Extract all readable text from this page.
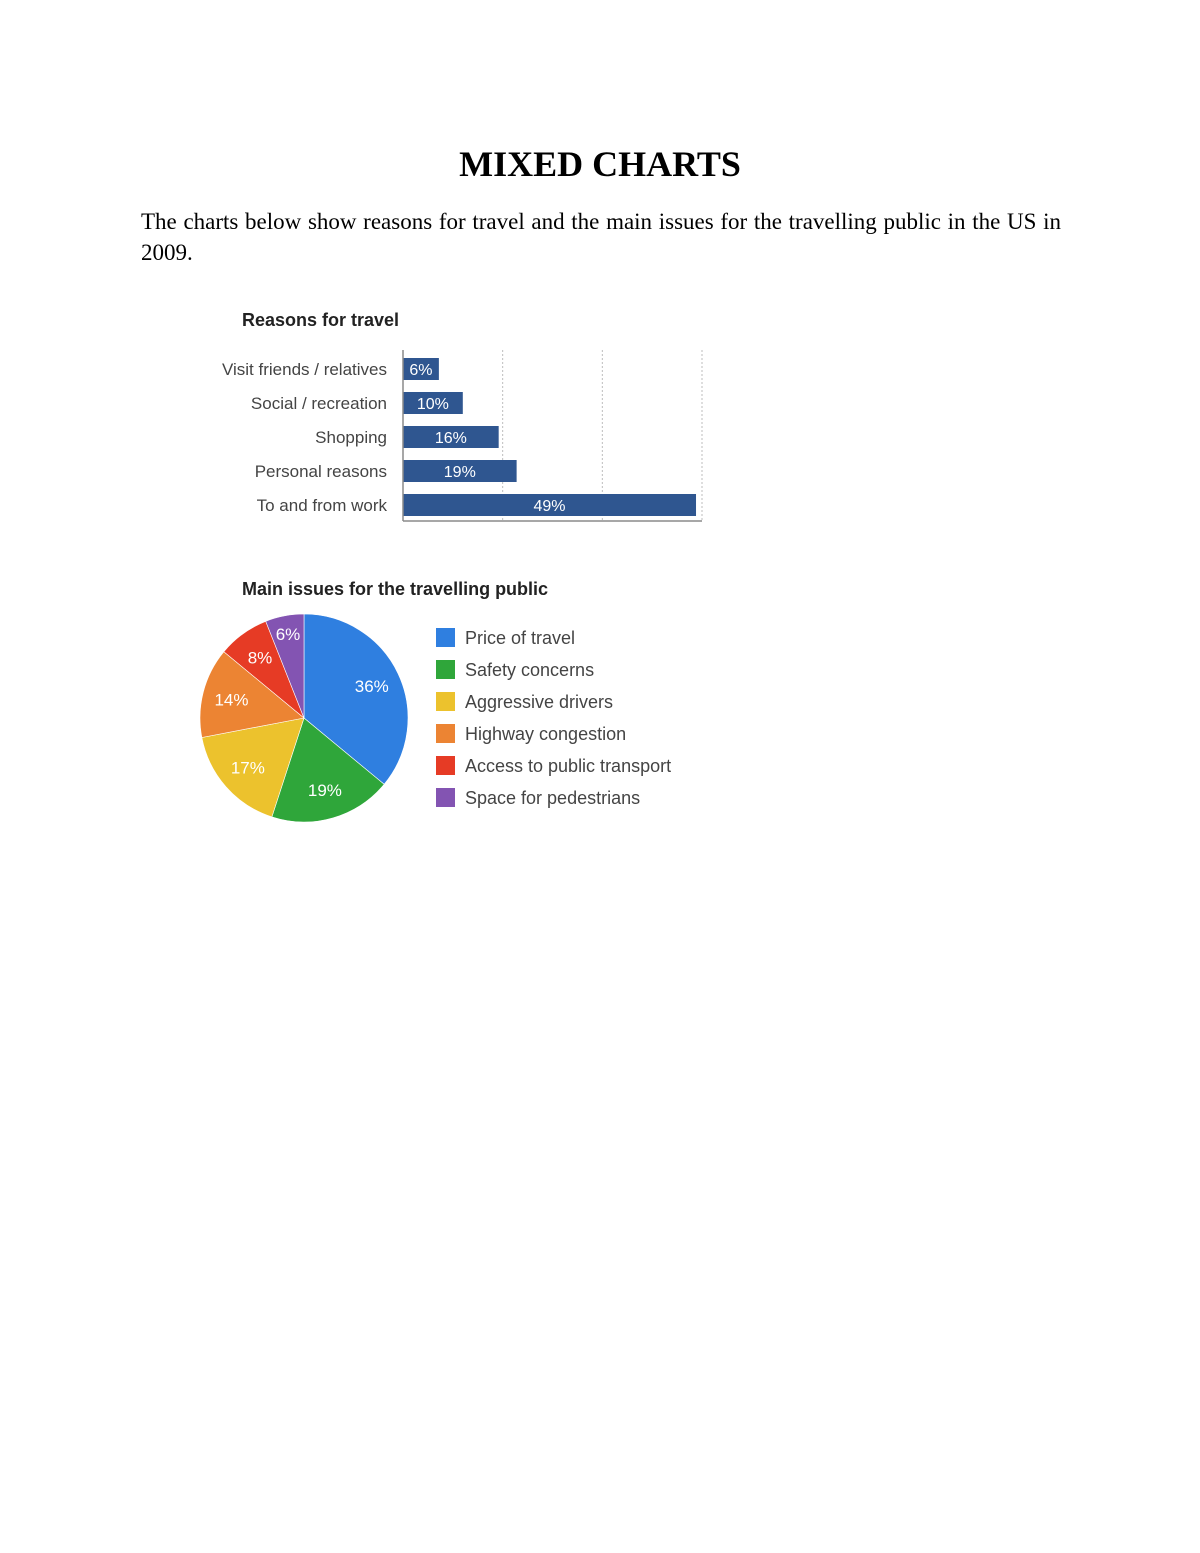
MIXED CHARTS

The charts below show reasons for travel and the main issues for the travelling public in the US in 2009.

Reasons for travel
6%
10%
16%
19%
49%
Visit friends / relatives
Social / recreation
Shopping
Personal reasons
To and from work
Main issues for the travelling public
36%
19%
17%
14%
8%
6%	Price of travel
Safety concerns
Aggressive drivers
Highway congestion
Access to public transport
Space for pedestrians
